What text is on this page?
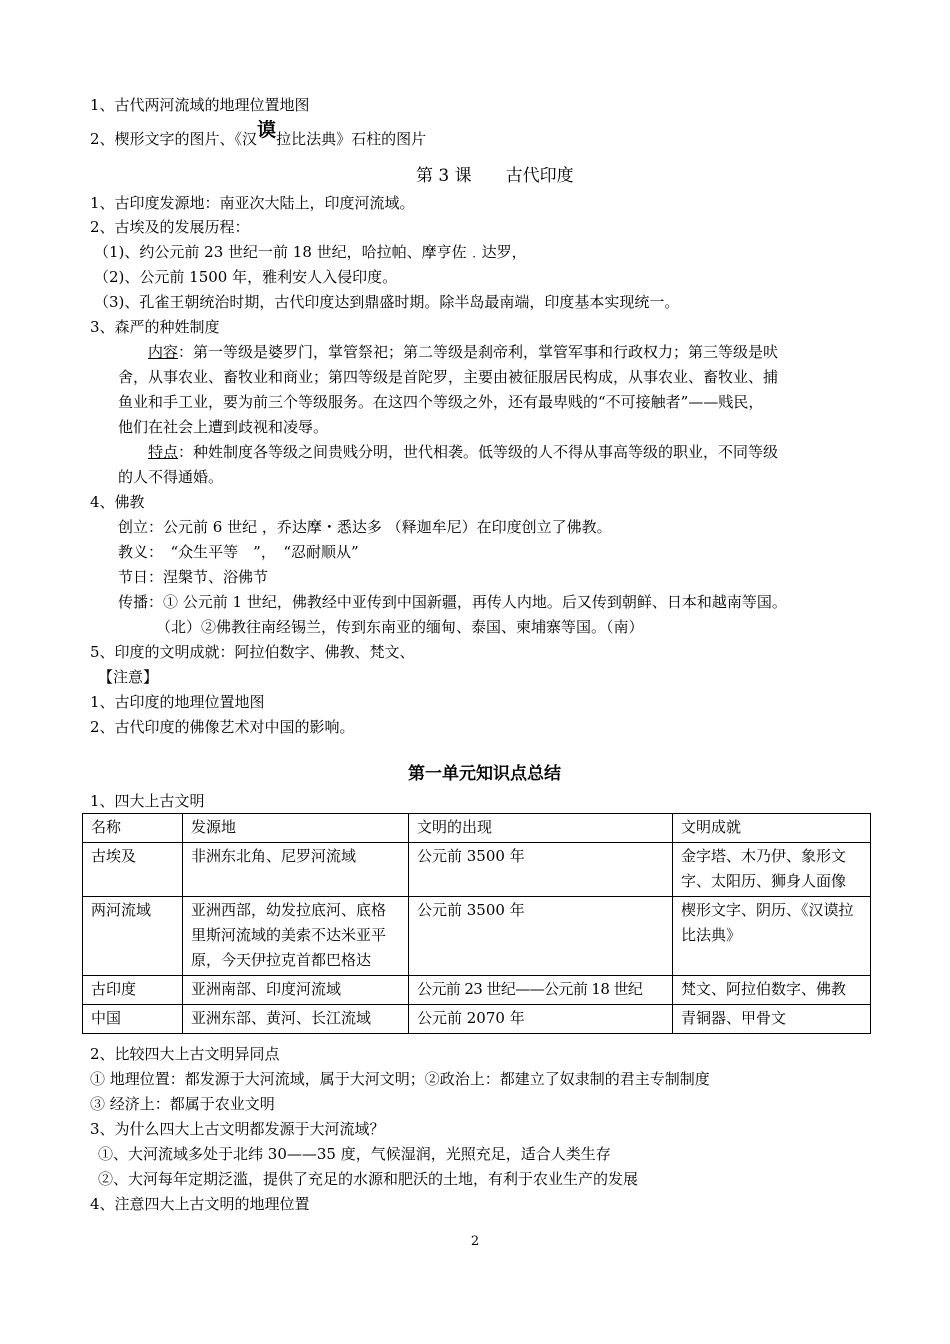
1、古代两河流域的地理位置地图
2、楔形文字的图片、《汉谟拉比法典》石柱的图片
第 3 课　　古代印度
1、古印度发源地：南亚次大陆上，印度河流域。
2、古埃及的发展历程：
（1)、约公元前 23 世纪一前 18 世纪，哈拉帕、摩亨佐﹒达罗，
（2)、公元前 1500 年，雅利安人入侵印度。
（3)、孔雀王朝统治时期，古代印度达到鼎盛时期。除半岛最南端，印度基本实现统一。
3、森严的种姓制度
内容：第一等级是婆罗门，掌管祭祀；第二等级是刹帝利，掌管军事和行政权力；第三等级是吠
舍，从事农业、畜牧业和商业；第四等级是首陀罗，主要由被征服居民构成，从事农业、畜牧业、捕
鱼业和手工业，要为前三个等级服务。在这四个等级之外，还有最卑贱的“不可接触者”——贱民，
他们在社会上遭到歧视和凌辱。
特点：种姓制度各等级之间贵贱分明，世代相袭。低等级的人不得从事高等级的职业，不同等级
的人不得通婚。
4、佛教
创立：公元前 6 世纪 ，乔达摩・悉达多 （释迦牟尼）在印度创立了佛教。
教义：　“众生平等　”，　“忍耐顺从”
节日：涅槃节、浴佛节
传播：① 公元前 1 世纪，佛教经中亚传到中国新疆，再传人内地。后又传到朝鲜、日本和越南等国。
（北）②佛教往南经锡兰，传到东南亚的缅甸、泰国、柬埔寨等国。（南）
5、印度的文明成就：阿拉伯数字、佛教、梵文、
【注意】
1、古印度的地理位置地图
2、古代印度的佛像艺术对中国的影响。
第一单元知识点总结
1、四大上古文明
名称	发源地	文明的出现	文明成就
古埃及	非洲东北角、尼罗河流域	公元前 3500 年	金字塔、木乃伊、象形文字、太阳历、狮身人面像
两河流域	亚洲西部，幼发拉底河、底格里斯河流域的美索不达米亚平原，今天伊拉克首都巴格达	公元前 3500 年	楔形文字、阴历、《汉谟拉比法典》
古印度	亚洲南部、印度河流域	公元前 23 世纪——公元前 18 世纪	梵文、阿拉伯数字、佛教
中国	亚洲东部、黄河、长江流域	公元前 2070 年	青铜器、甲骨文
2、比较四大上古文明异同点
① 地理位置：都发源于大河流域，属于大河文明；②政治上：都建立了奴隶制的君主专制制度
③ 经济上：都属于农业文明
3、为什么四大上古文明都发源于大河流域？
①、大河流域多处于北纬 30——35 度，气候湿润，光照充足，适合人类生存
②、大河每年定期泛滥，提供了充足的水源和肥沃的土地，有利于农业生产的发展
4、注意四大上古文明的地理位置
2
